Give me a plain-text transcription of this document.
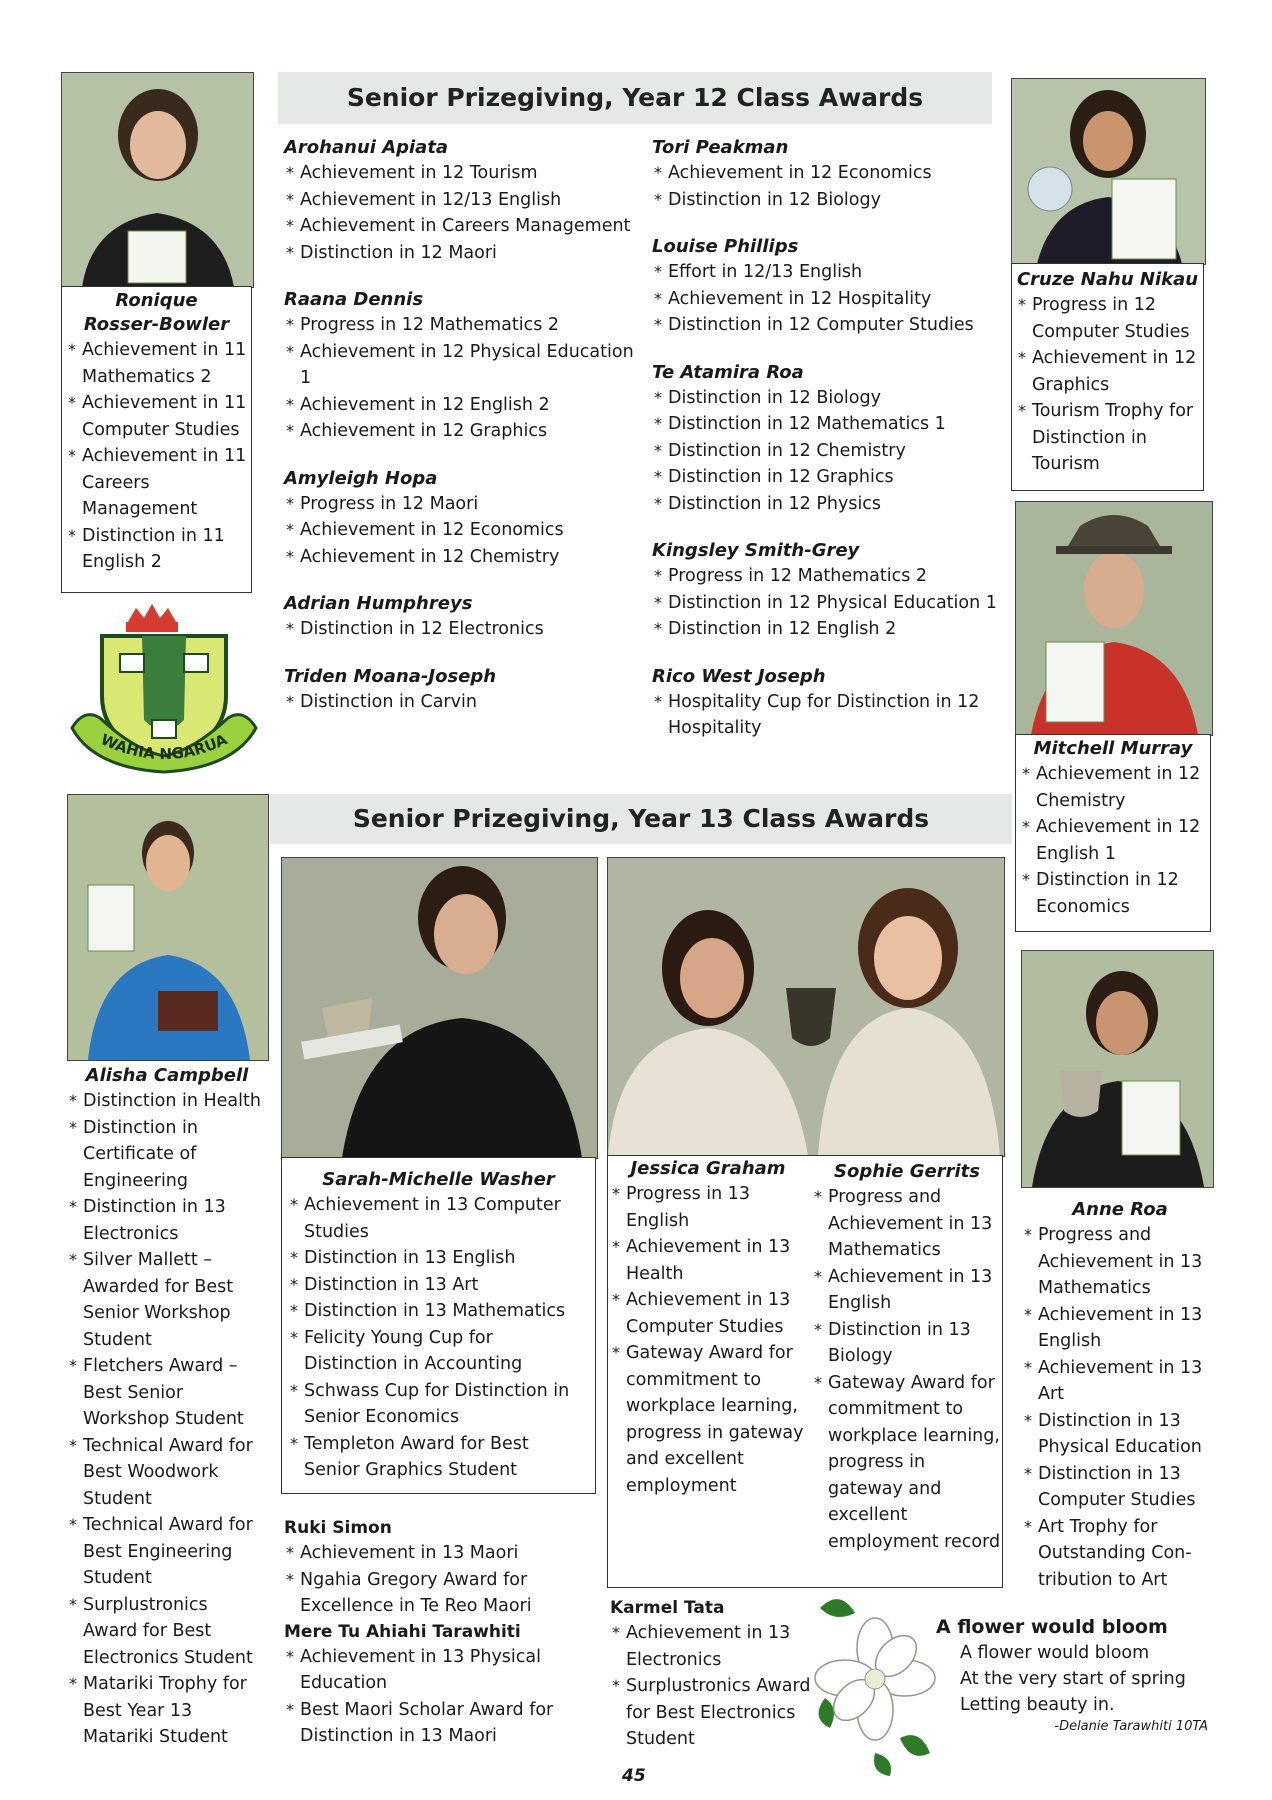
Senior Prizegiving, Year 12 Class Awards
Ronique
Rosser-Bowler
* Achievement in 11 Mathematics 2
* Achievement in 11 Computer Studies
* Achievement in 11 Careers Management
* Distinction in 11 English 2
Arohanui Apiata
* Achievement in 12 Tourism
* Achievement in 12/13 English
* Achievement in Careers Management
* Distinction in 12 Maori
Raana Dennis
* Progress in 12 Mathematics 2
* Achievement in 12 Physical Education 1
* Achievement in 12 English 2
* Achievement in 12 Graphics
Amyleigh Hopa
* Progress in 12 Maori
* Achievement in 12 Economics
* Achievement in 12 Chemistry
Adrian Humphreys
* Distinction in 12 Electronics
Triden Moana-Joseph
* Distinction in Carvin
Tori Peakman
* Achievement in 12 Economics
* Distinction in 12 Biology
Louise Phillips
* Effort in 12/13 English
* Achievement in 12 Hospitality
* Distinction in 12 Computer Studies
Te Atamira Roa
* Distinction in 12 Biology
* Distinction in 12 Mathematics 1
* Distinction in 12 Chemistry
* Distinction in 12 Graphics
* Distinction in 12 Physics
Kingsley Smith-Grey
* Progress in 12 Mathematics 2
* Distinction in 12 Physical Education 1
* Distinction in 12 English 2
Rico West Joseph
* Hospitality Cup for Distinction in 12 Hospitality
Cruze Nahu Nikau
* Progress in 12 Computer Studies
* Achievement in 12 Graphics
* Tourism Trophy for Distinction in Tourism
Mitchell Murray
* Achievement in 12 Chemistry
* Achievement in 12 English 1
* Distinction in 12 Economics
WAHIA NGARUA
Senior Prizegiving, Year 13 Class Awards
Alisha Campbell
* Distinction in Health
* Distinction in Certificate of Engineering
* Distinction in 13 Electronics
* Silver Mallett – Awarded for Best Senior Workshop Student
* Fletchers Award – Best Senior Workshop Student
* Technical Award for Best Woodwork Student
* Technical Award for Best Engineering Student
* Surplustronics Award for Best Electronics Student
* Matariki Trophy for Best Year 13 Matariki Student
Sarah-Michelle Washer
* Achievement in 13 Computer Studies
* Distinction in 13 English
* Distinction in 13 Art
* Distinction in 13 Mathematics
* Felicity Young Cup for Distinction in Accounting
* Schwass Cup for Distinction in Senior Economics
* Templeton Award for Best Senior Graphics Student
Jessica Graham
* Progress in 13 English
* Achievement in 13 Health
* Achievement in 13 Computer Studies
* Gateway Award for commitment to workplace learning, progress in gateway and excellent employment
Sophie Gerrits
* Progress and Achievement in 13 Mathematics
* Achievement in 13 English
* Distinction in 13 Biology
* Gateway Award for commitment to workplace learning, progress in gateway and excellent employment record
Anne Roa
* Progress and Achievement in 13 Mathematics
* Achievement in 13 English
* Achievement in 13 Art
* Distinction in 13 Physical Education
* Distinction in 13 Computer Studies
* Art Trophy for Outstanding Con-tribution to Art
Ruki Simon
* Achievement in 13 Maori
* Ngahia Gregory Award for Excellence in Te Reo Maori
Mere Tu Ahiahi Tarawhiti
* Achievement in 13 Physical Education
* Best Maori Scholar Award for Distinction in 13 Maori
Karmel Tata
* Achievement in 13 Electronics
* Surplustronics Award for Best Electronics Student
A flower would bloom
A flower would bloom
At the very start of spring
Letting beauty in.
-Delanie Tarawhiti 10TA
45
